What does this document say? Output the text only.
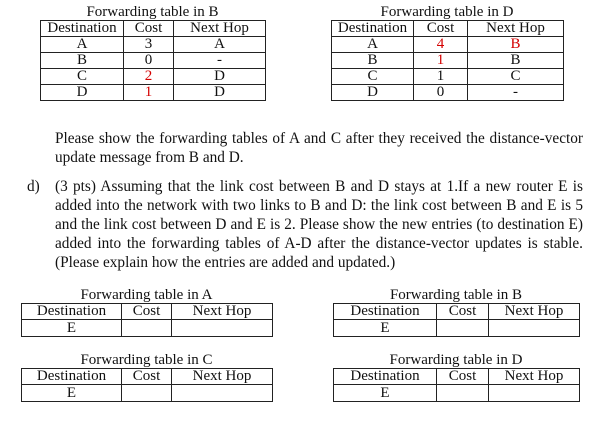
Forwarding table in B
Destination	Cost	Next Hop
A	3	A
B	0	-
C	2	D
D	1	D
Forwarding table in D
Destination	Cost	Next Hop
A	4	B
B	1	B
C	1	C
D	0	-

Please show the forwarding tables of A and C after they received the distance-vector update message from B and D.

d) (3 pts) Assuming that the link cost between B and D stays at 1.If a new router E is added into the network with two links to B and D: the link cost between B and E is 5 and the link cost between D and E is 2. Please show the new entries (to destination E) added into the forwarding tables of A-D after the distance-vector updates is stable. (Please explain how the entries are added and updated.)
Forwarding table in A
Destination	Cost	Next Hop
E		
Forwarding table in B
Destination	Cost	Next Hop
E		
Forwarding table in C
Destination	Cost	Next Hop
E		
Forwarding table in D
Destination	Cost	Next Hop
E		
